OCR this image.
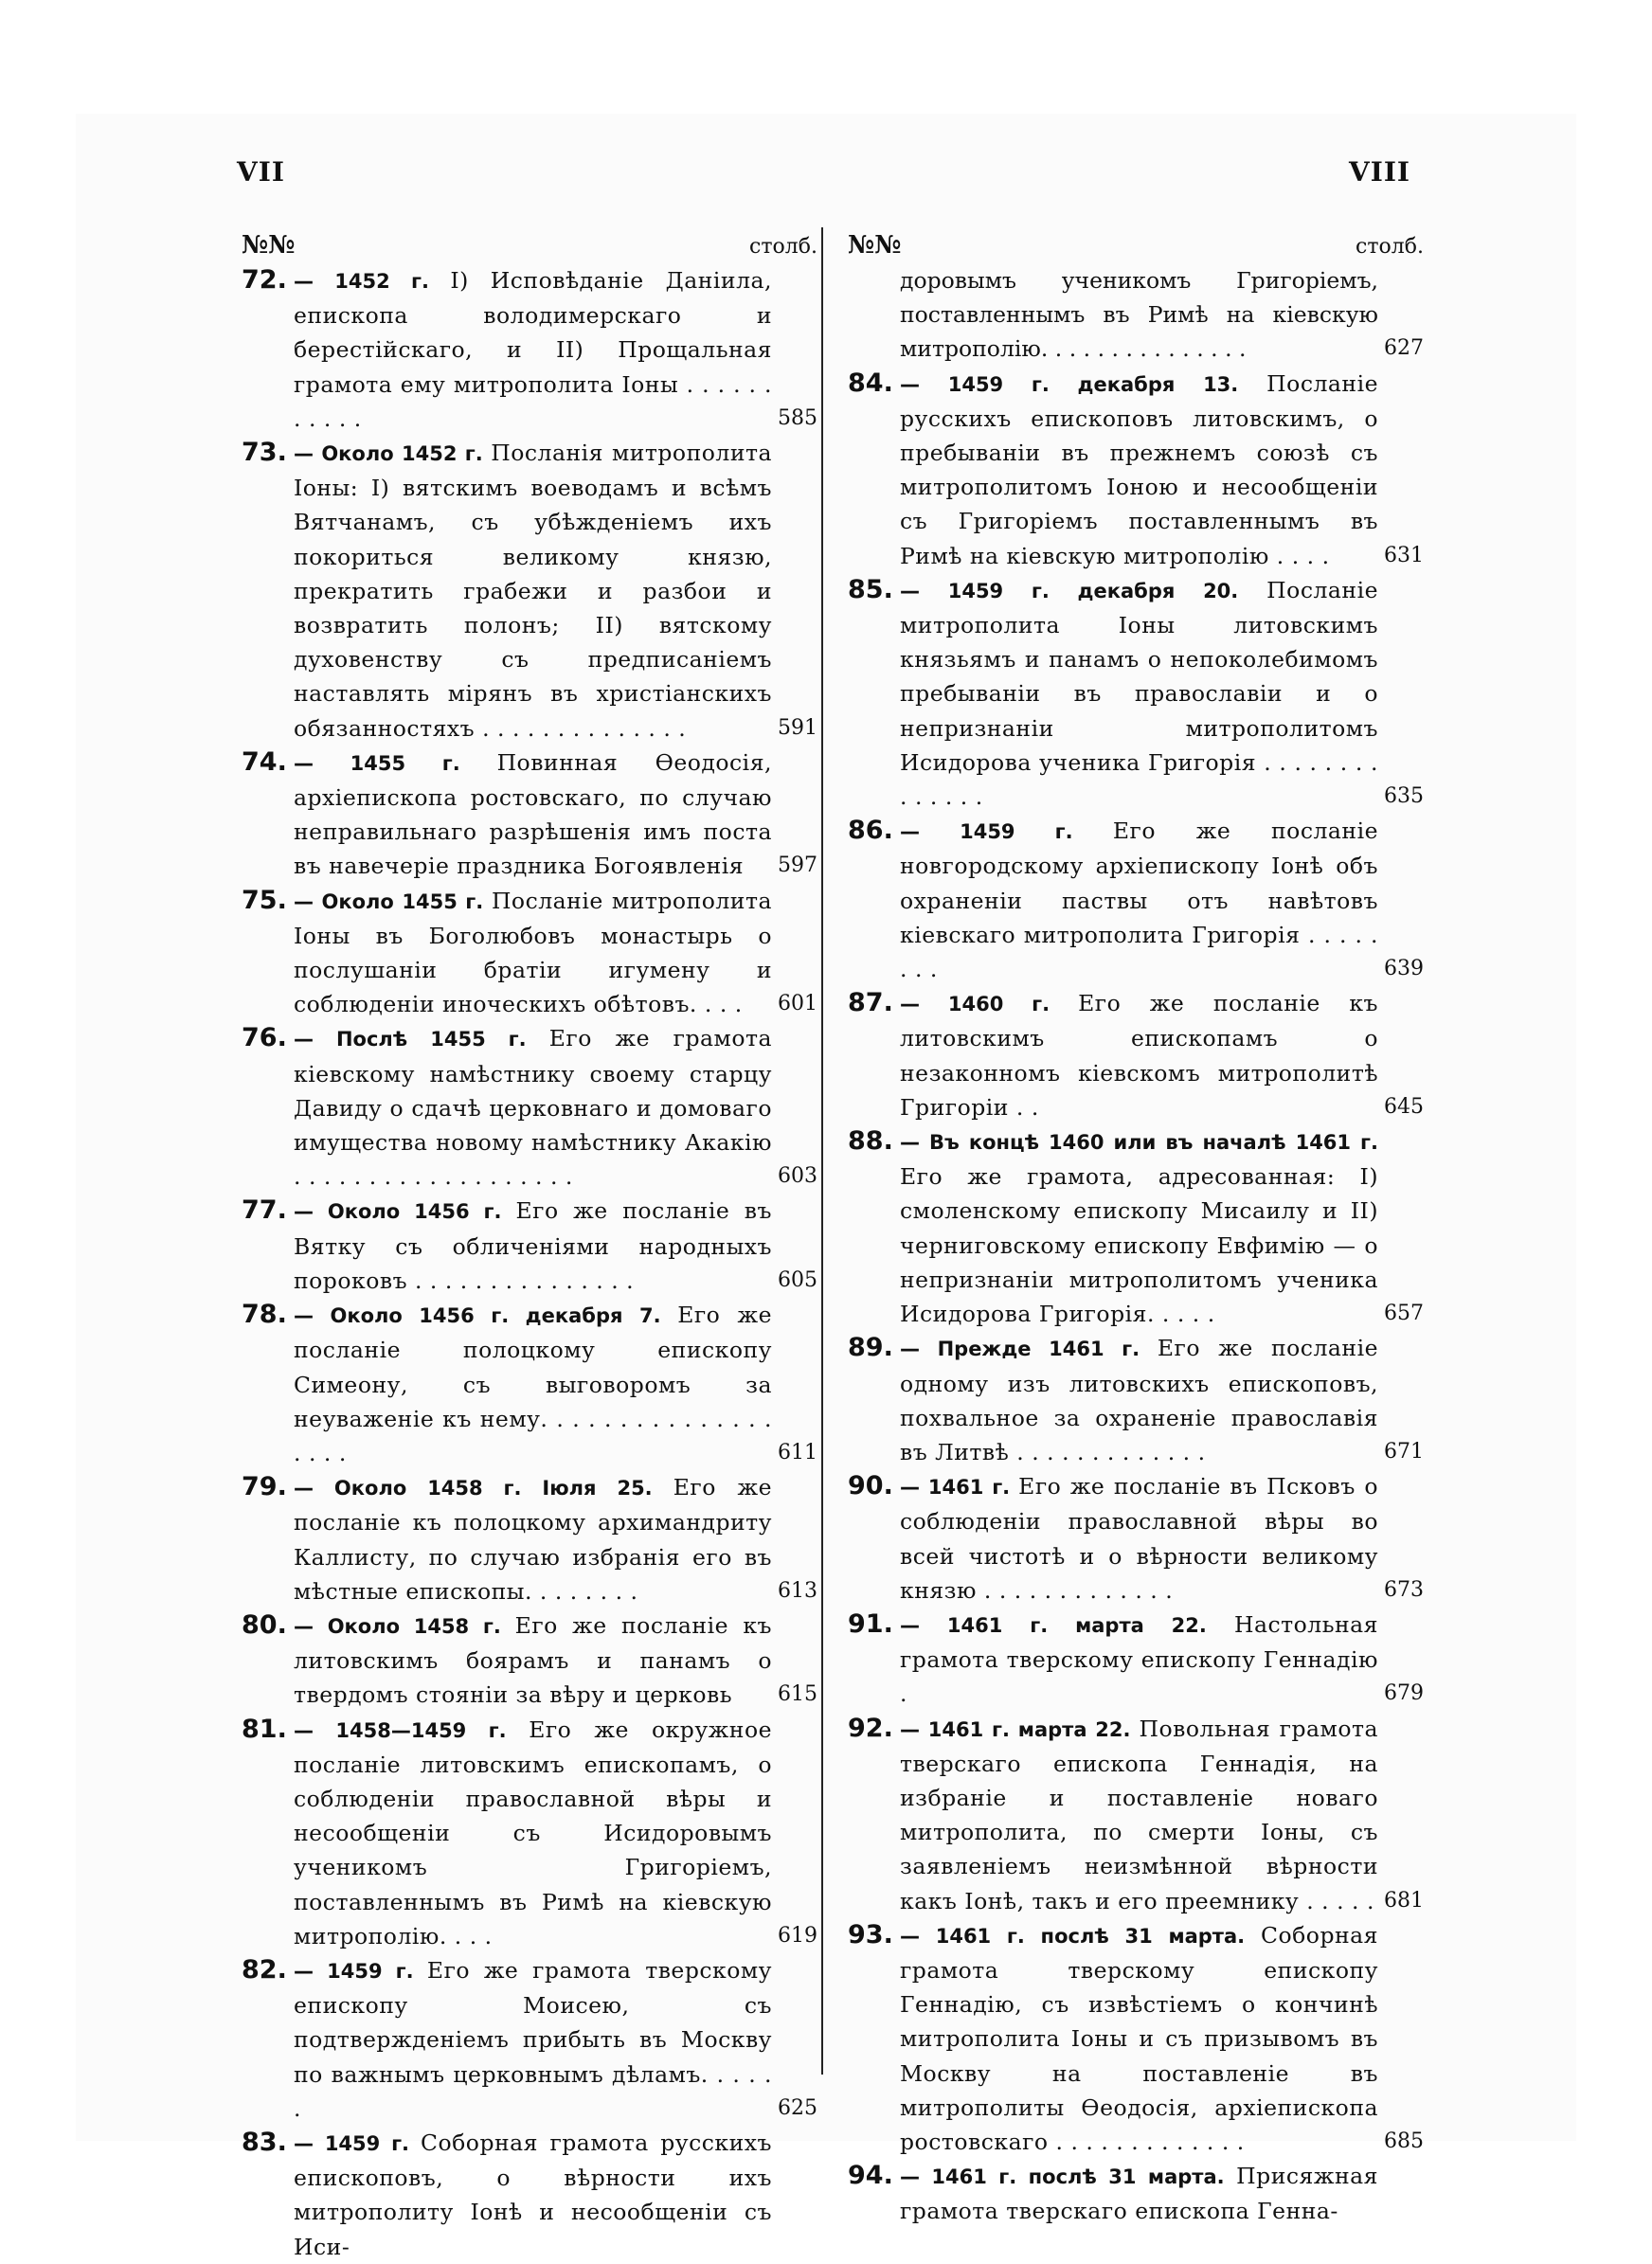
VII	VIII
№№	столб.
72. — 1452 г. I) Исповѣданіе Даніила, епископа володимерскаго и берестійскаго, и II) Прощальная грамота ему митрополита Іоны . . . . . . . . . . .	585
73. — Около 1452 г. Посланія митрополита Іоны: I) вятскимъ воеводамъ и всѣмъ Вятчанамъ, съ убѣжденіемъ ихъ покориться великому князю, прекратить грабежи и разбои и возвратить полонъ; II) вятскому духовенству съ предписаніемъ наставлять мірянъ въ христіанскихъ обязанностяхъ . . . . . . . . . . . . . .	591
74. — 1455 г. Повинная Ѳеодосія, архіепископа ростовскаго, по случаю неправильнаго разрѣшенія имъ поста въ навечеріе праздника Богоявленія 597
75. — Около 1455 г. Посланіе митрополита Іоны въ Боголюбовъ монастырь о послушаніи братіи игумену и соблюденіи иноческихъ обѣтовъ. . . . 601
76. — Послѣ 1455 г. Его же грамота кіевскому намѣстнику своему старцу Давиду о сдачѣ церковнаго и домоваго имущества новому намѣстнику Акакію . . . . . . . . . . . . . . . . . . .	603
77. — Около 1456 г. Его же посланіе въ Вятку съ обличеніями народныхъ пороковъ . . . . . . . . . . . . . . .	605
78. — Около 1456 г. декабря 7. Его же посланіе полоцкому епископу Симеону, съ выговоромъ за неуваженіе къ нему. . . . . . . . . . . . . . . . . . .	611
79. — Около 1458 г. Іюля 25. Его же посланіе къ полоцкому архимандриту Каллисту, по случаю избранія его въ мѣстные епископы. . . . . . . .	613
80. — Около 1458 г. Его же посланіе къ литовскимъ боярамъ и панамъ о твердомъ стояніи за вѣру и церковь 615
81. — 1458—1459 г. Его же окружное посланіе литовскимъ епископамъ, о соблюденіи православной вѣры и несообщеніи съ Исидоровымъ ученикомъ Григоріемъ, поставленнымъ въ Римѣ на кіевскую митрополію. . . .	619
82. — 1459 г. Его же грамота тверскому епископу Моисею, съ подтвержденіемъ прибыть въ Москву по важнымъ церковнымъ дѣламъ. . . . . .	625
83. — 1459 г. Соборная грамота русскихъ епископовъ, о вѣрности ихъ митрополиту Іонѣ и несообщеніи съ Иси-
№№	столб.
доровымъ ученикомъ Григоріемъ, поставленнымъ въ Римѣ на кіевскую митрополію. . . . . . . . . . . . . . .	627
84. — 1459 г. декабря 13. Посланіе русскихъ епископовъ литовскимъ, о пребываніи въ прежнемъ союзѣ съ митрополитомъ Іоною и несообщеніи съ Григоріемъ поставленнымъ въ Римѣ на кіевскую митрополію . . . .	631
85. — 1459 г. декабря 20. Посланіе митрополита Іоны литовскимъ князьямъ и панамъ о непоколебимомъ пребываніи въ православіи и о непризнаніи митрополитомъ Исидорова ученика Григорія . . . . . . . . . . . . . .	635
86. — 1459 г. Его же посланіе новгородскому архіепископу Іонѣ объ охраненіи паствы отъ навѣтовъ кіевскаго митрополита Григорія . . . . . . . .	639
87. — 1460 г. Его же посланіе къ литовскимъ епископамъ о незаконномъ кіевскомъ митрополитѣ Григоріи . .	645
88. — Въ концѣ 1460 или въ началѣ 1461 г. Его же грамота, адресованная: I) смоленскому епископу Мисаилу и II) черниговскому епископу Евфимію — о непризнаніи митрополитомъ ученика Исидорова Григорія. . . . .	657
89. — Прежде 1461 г. Его же посланіе одному изъ литовскихъ епископовъ, похвальное за охраненіе православія въ Литвѣ . . . . . . . . . . . . .	671
90. — 1461 г. Его же посланіе въ Псковъ о соблюденіи православной вѣры во всей чистотѣ и о вѣрности великому князю . . . . . . . . . . . . .	673
91. — 1461 г. марта 22. Настольная грамота тверскому епископу Геннадію .	679
92. — 1461 г. марта 22. Повольная грамота тверскаго епископа Геннадія, на избраніе и поставленіе новаго митрополита, по смерти Іоны, съ заявленіемъ неизмѣнной вѣрности какъ Іонѣ, такъ и его преемнику . . . . . 681
93. — 1461 г. послѣ 31 марта. Соборная грамота тверскому епископу Геннадію, съ извѣстіемъ о кончинѣ митрополита Іоны и съ призывомъ въ Москву на поставленіе въ митрополиты Ѳеодосія, архіепископа ростовскаго . . . . . . . . . . . . .	685
94. — 1461 г. послѣ 31 марта. Присяжная грамота тверскаго епископа Генна-
